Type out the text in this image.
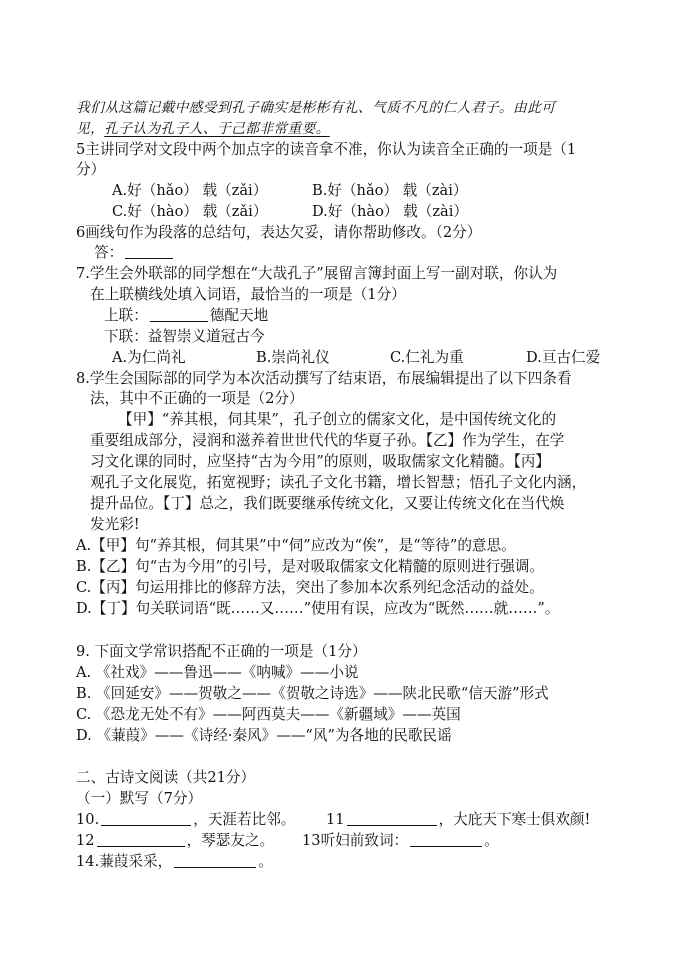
我们从这篇记戴中感受到孔子确实是彬彬有礼、气质不凡的仁人君子。由此可
见，孔子认为孔子人、于己都非常重要。
5主讲同学对文段中两个加点字的读音拿不准，你认为读音全正确的一项是（1
分）
A.好（hǎo） 载（zǎi）	B.好（hǎo） 载（zài）
C.好（hào） 载（zǎi）	D.好（hào） 载（zài）
6画线句作为段落的总结句，表达欠妥，请你帮助修改。（2分）
答：
7.学生会外联部的同学想在“大哉孔子”展留言簿封面上写一副对联，你认为
在上联横线处填入词语，最恰当的一项是（1分）
上联：	德配天地
下联：益智崇义道冠古今
A.为仁尚礼	B.崇尚礼仪	C.仁礼为重	D.亘古仁爱
8.学生会国际部的同学为本次活动撰写了结束语，布展编辑提出了以下四条看
法，其中不正确的一项是（2分）
【甲】“养其根，伺其果”，孔子创立的儒家文化，是中国传统文化的
重要组成部分，浸润和滋养着世世代代的华夏子孙。【乙】作为学生，在学
习文化课的同时，应坚持“古为今用”的原则，吸取儒家文化精髓。【丙】
观孔子文化展览，拓宽视野；读孔子文化书籍，增长智慧；悟孔子文化内涵，
提升品位。【丁】总之，我们既要继承传统文化，又要让传统文化在当代焕
发光彩!
A.【甲】句“养其根，伺其果”中“伺”应改为“俟”，是“等待”的意思。
B.【乙】句“古为今用”的引号，是对吸取儒家文化精髓的原则进行强调。
C.【丙】句运用排比的修辞方法，突出了参加本次系列纪念活动的益处。
D.【丁】句关联词语“既……又……”使用有误，应改为“既然……就……”。
9. 下面文学常识搭配不正确的一项是（1分）
A. 《社戏》——鲁迅——《呐喊》——小说
B. 《回延安》——贺敬之——《贺敬之诗选》——陕北民歌“信天游”形式
C. 《恐龙无处不有》——阿西莫夫——《新疆域》——英国
D. 《蒹葭》——《诗经·秦风》——“风”为各地的民歌民谣
二、古诗文阅读（共21分）
（一）默写（7分）
10.	，天涯若比邻。 11	，大庇天下寒士俱欢颜!
12	，琴瑟友之。 13听妇前致词：	。
14.蒹葭采采，	。
